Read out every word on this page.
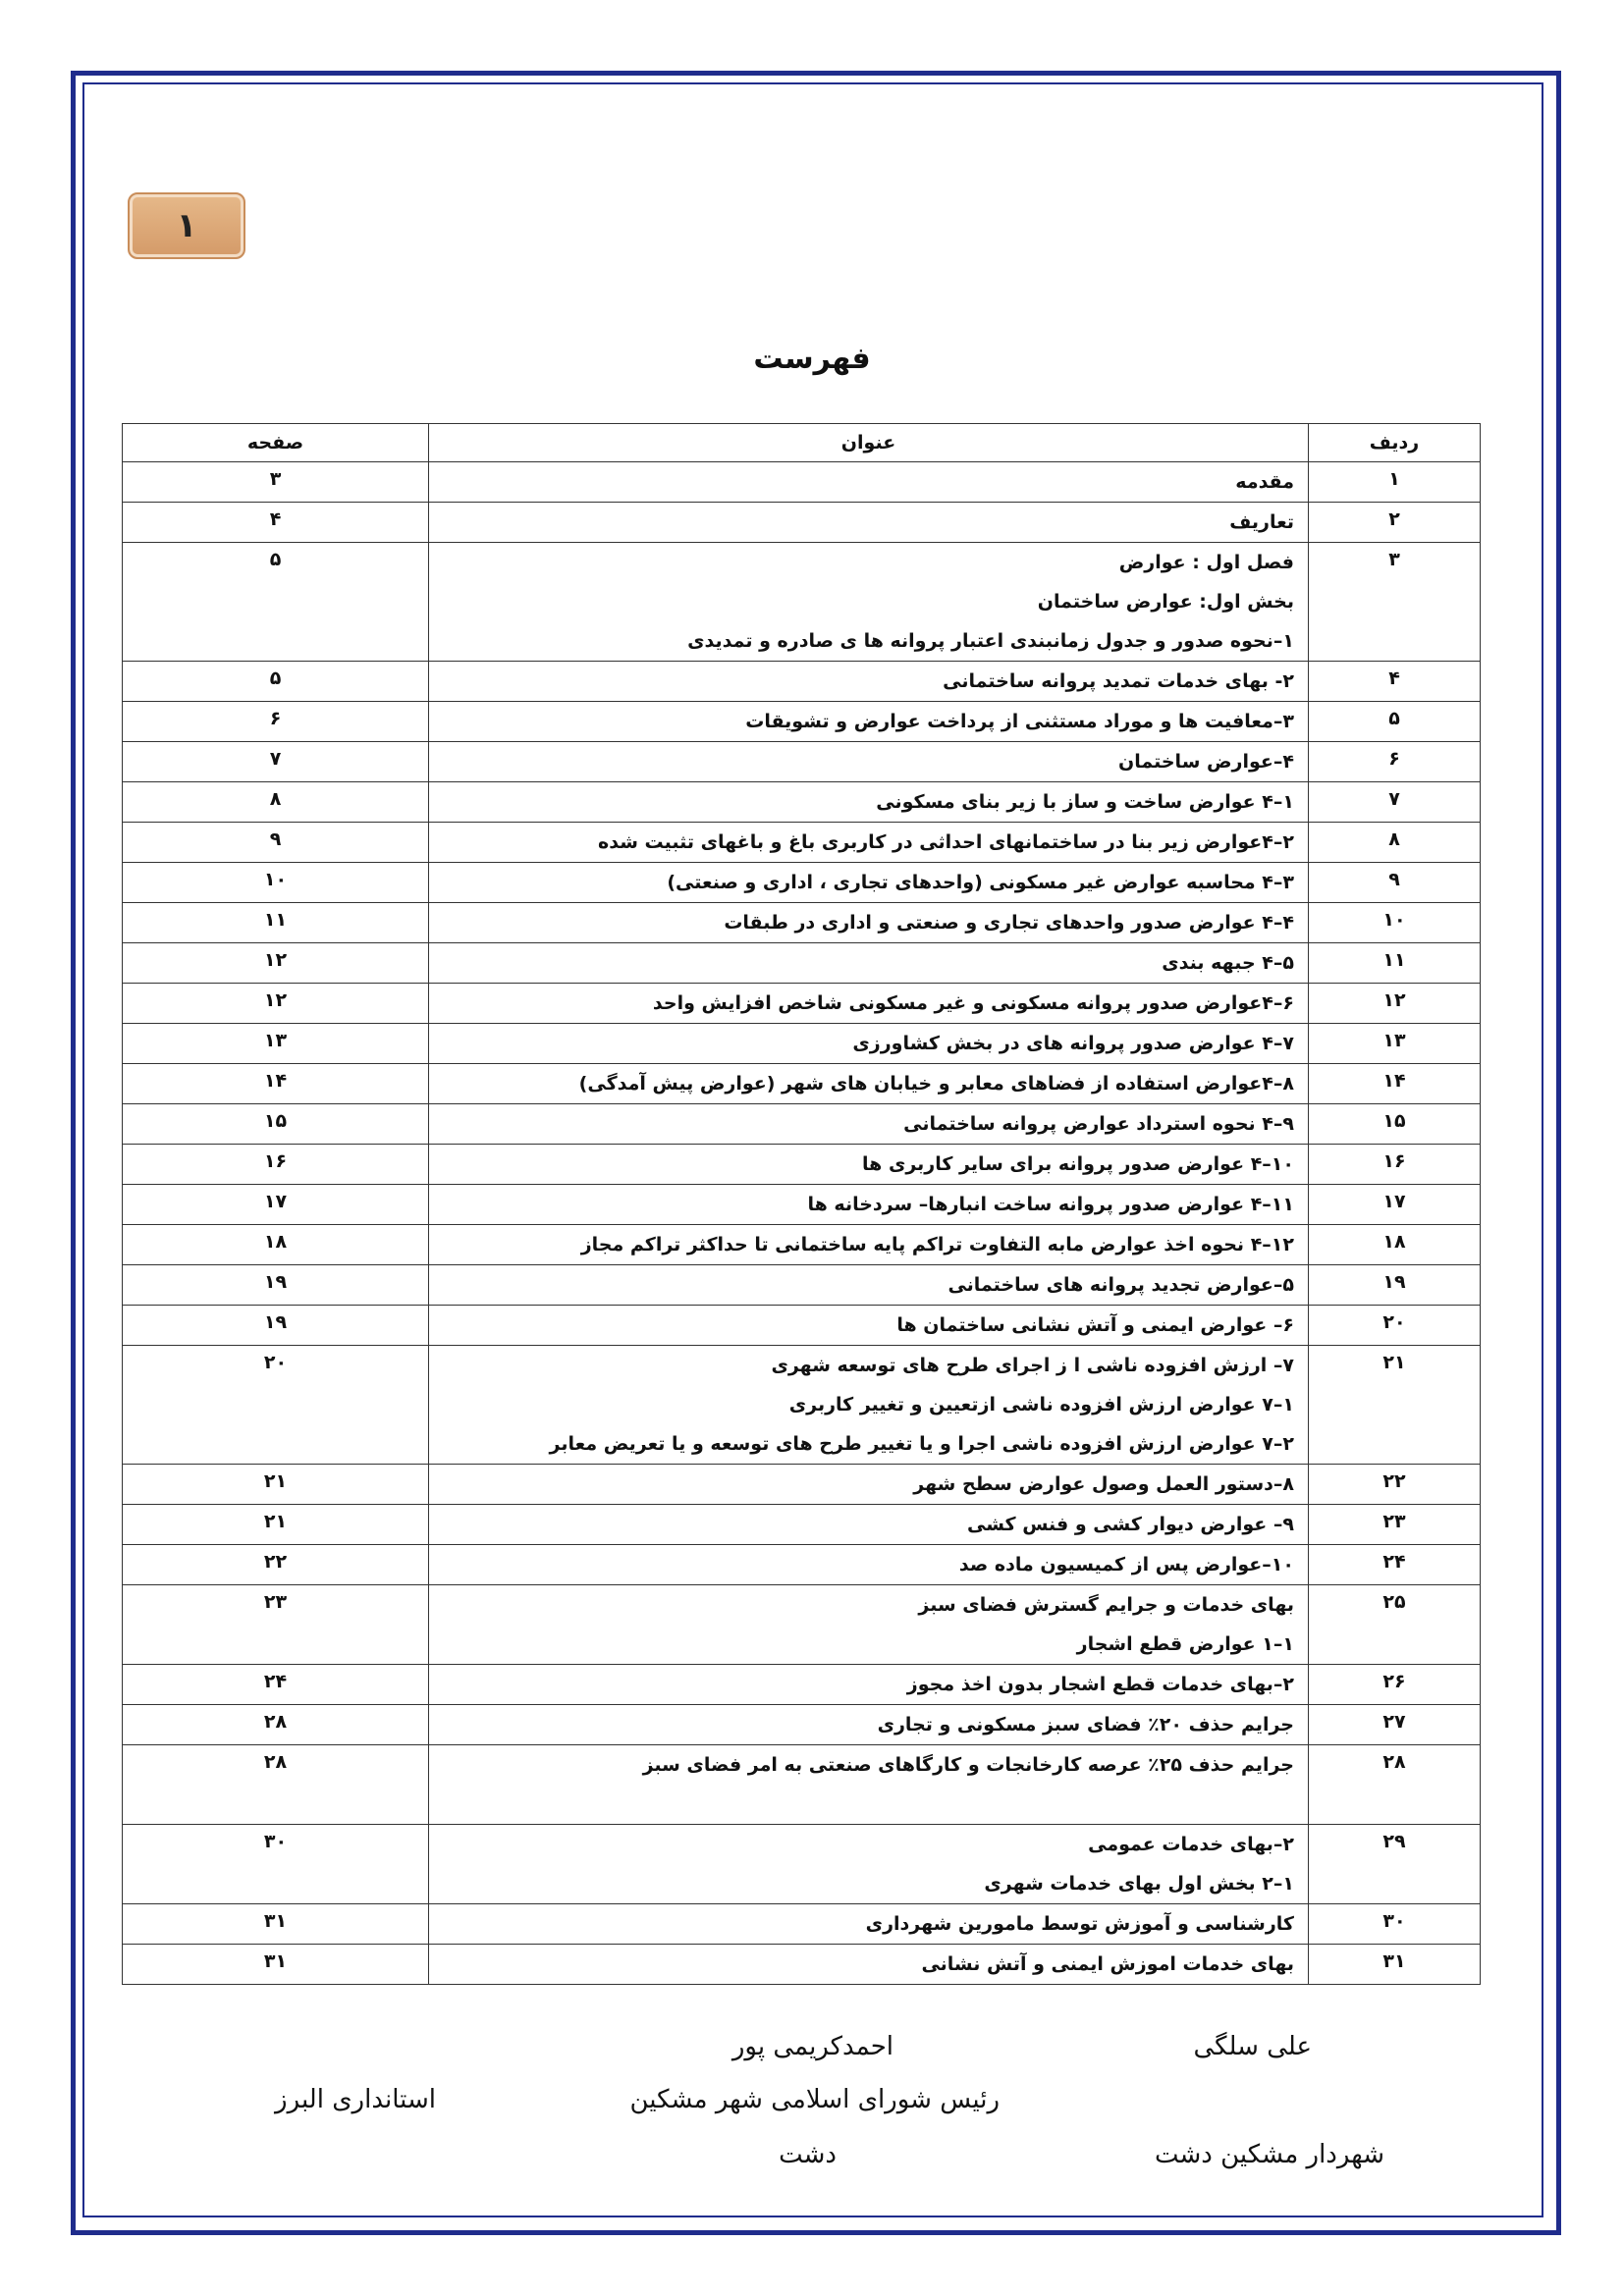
۱
فهرست
ردیف	عنوان	صفحه
۱	مقدمه	۳
۲	تعاریف	۴
۳	فصل اول : عوارض
بخش اول: عوارض ساختمان
۱–نحوه صدور و جدول زمانبندی اعتبار پروانه ها ی صادره و تمدیدی	۵
۴	۲- بهای خدمات تمدید پروانه ساختمانی	۵
۵	۳–معافیت ها و موراد مستثنی از پرداخت عوارض و تشویقات	۶
۶	۴–عوارض ساختمان	۷
۷	۱–۴ عوارض ساخت و ساز با زیر بنای مسکونی	۸
۸	۲–۴عوارض زیر بنا در ساختمانهای احداثی در کاربری باغ و باغهای تثبیت شده	۹
۹	۳–۴ محاسبه عوارض غیر مسکونی (واحدهای تجاری ، اداری و صنعتی)	۱۰
۱۰	۴–۴ عوارض صدور واحدهای تجاری و صنعتی و اداری در طبقات	۱۱
۱۱	۵–۴ جبهه بندی	۱۲
۱۲	۶–۴عوارض صدور پروانه مسکونی و غیر مسکونی شاخص افزایش واحد	۱۲
۱۳	۷–۴ عوارض صدور پروانه های در بخش کشاورزی	۱۳
۱۴	۸–۴عوارض استفاده از فضاهای معابر و خیابان های شهر (عوارض پیش آمدگی)	۱۴
۱۵	۹–۴ نحوه استرداد عوارض پروانه ساختمانی	۱۵
۱۶	۱۰–۴ عوارض صدور پروانه برای سایر کاربری ها	۱۶
۱۷	۱۱–۴ عوارض صدور پروانه ساخت انبارها– سردخانه ها	۱۷
۱۸	۱۲–۴ نحوه اخذ عوارض مابه التفاوت تراکم پایه ساختمانی تا حداکثر تراکم مجاز	۱۸
۱۹	۵–عوارض تجدید پروانه های ساختمانی	۱۹
۲۰	۶– عوارض ایمنی و آتش نشانی ساختمان ها	۱۹
۲۱	۷– ارزش افزوده ناشی ا ز اجرای طرح های توسعه شهری
۱–۷ عوارض ارزش افزوده ناشی ازتعیین و تغییر کاربری
۲–۷ عوارض ارزش افزوده ناشی اجرا و یا تغییر طرح های توسعه و یا تعریض معابر	۲۰
۲۲	۸–دستور العمل وصول عوارض سطح شهر	۲۱
۲۳	۹– عوارض دیوار کشی و فنس کشی	۲۱
۲۴	۱۰–عوارض پس از کمیسیون ماده صد	۲۲
۲۵	بهای خدمات و جرایم گسترش فضای سبز
۱–۱ عوارض قطع اشجار	۲۳
۲۶	۲–بهای خدمات قطع اشجار بدون اخذ مجوز	۲۴
۲۷	جرایم حذف ۲۰٪ فضای سبز مسکونی و تجاری	۲۸
۲۸	جرایم حذف ۲۵٪ عرصه کارخانجات و کارگاهای صنعتی به امر فضای سبز	۲۸
۲۹	۲–بهای خدمات عمومی
۱–۲ بخش اول بهای خدمات شهری	۳۰
۳۰	کارشناسی و آموزش توسط مامورین شهرداری	۳۱
۳۱	بهای خدمات اموزش ایمنی و آتش نشانی	۳۱
علی سلگی
شهردار مشکین دشت
احمدکریمی پور
رئیس شورای اسلامی شهر مشکین
دشت
استانداری البرز
